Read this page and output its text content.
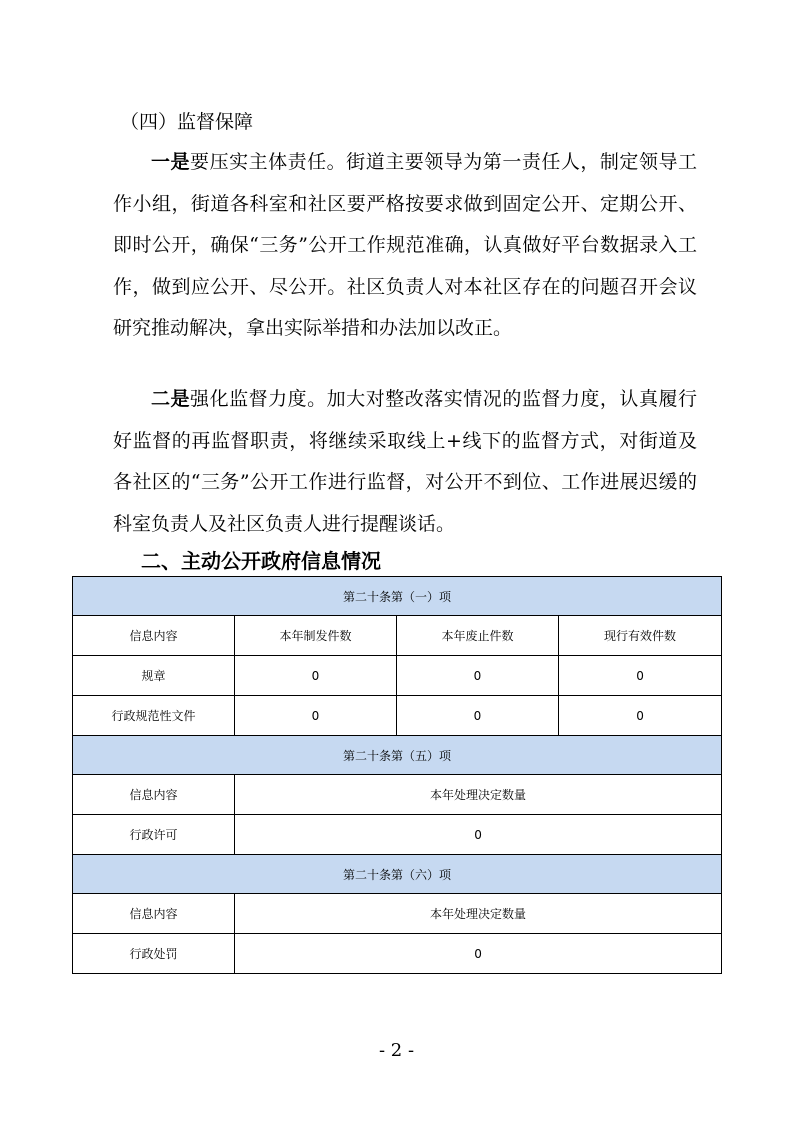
（四）监督保障

一是要压实主体责任。街道主要领导为第一责任人，制定领导工作小组，街道各科室和社区要严格按要求做到固定公开、定期公开、即时公开，确保“三务”公开工作规范准确，认真做好平台数据录入工作，做到应公开、尽公开。社区负责人对本社区存在的问题召开会议研究推动解决，拿出实际举措和办法加以改正。

二是强化监督力度。加大对整改落实情况的监督力度，认真履行好监督的再监督职责，将继续采取线上+线下的监督方式，对街道及各社区的“三务”公开工作进行监督，对公开不到位、工作进展迟缓的科室负责人及社区负责人进行提醒谈话。

二、主动公开政府信息情况
第二十条第（一）项			
信息内容	本年制发件数	本年废止件数	现行有效件数
规章	0	0	0
行政规范性文件	0	0	0
第二十条第（五）项			
信息内容	本年处理决定数量		
行政许可	0		
第二十条第（六）项			
信息内容	本年处理决定数量		
行政处罚	0		
- 2 -
